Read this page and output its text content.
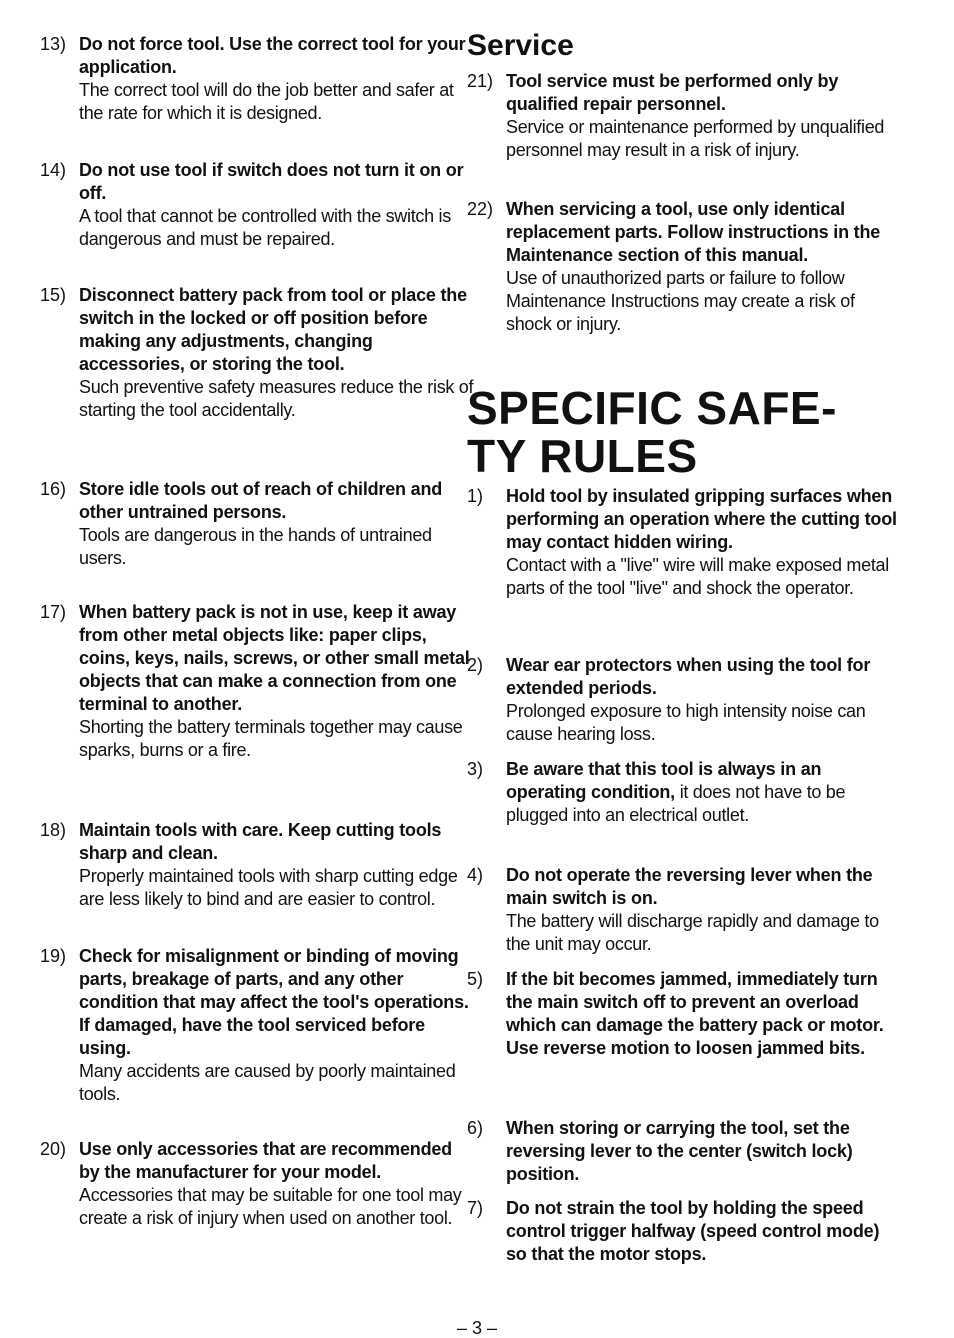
13) Do not force tool. Use the correct tool for your application.
The correct tool will do the job better and safer at the rate for which it is designed.
14) Do not use tool if switch does not turn it on or off.
A tool that cannot be controlled with the switch is dangerous and must be repaired.
15) Disconnect battery pack from tool or place the switch in the locked or off position before making any adjustments, changing accessories, or storing the tool.
Such preventive safety measures reduce the risk of starting the tool accidentally.
16) Store idle tools out of reach of children and other untrained persons.
Tools are dangerous in the hands of untrained users.
17) When battery pack is not in use, keep it away from other metal objects like: paper clips, coins, keys, nails, screws, or other small metal objects that can make a connection from one terminal to another.
Shorting the battery terminals together may cause sparks, burns or a fire.
18) Maintain tools with care. Keep cutting tools sharp and clean.
Properly maintained tools with sharp cutting edge are less likely to bind and are easier to control.
19) Check for misalignment or binding of moving parts, breakage of parts, and any other condition that may affect the tool's operations. If damaged, have the tool serviced before using.
Many accidents are caused by poorly maintained tools.
20) Use only accessories that are recommended by the manufacturer for your model.
Accessories that may be suitable for one tool may create a risk of injury when used on another tool.
Service
21) Tool service must be performed only by qualified repair personnel.
Service or maintenance performed by unqualified personnel may result in a risk of injury.
22) When servicing a tool, use only identical replacement parts. Follow instructions in the Maintenance section of this manual.
Use of unauthorized parts or failure to follow Maintenance Instructions may create a risk of shock or injury.
SPECIFIC SAFE-
TY RULES
1) Hold tool by insulated gripping surfaces when performing an operation where the cutting tool may contact hidden wiring.
Contact with a "live" wire will make exposed metal parts of the tool "live" and shock the operator.
2) Wear ear protectors when using the tool for extended periods.
Prolonged exposure to high intensity noise can cause hearing loss.
3) Be aware that this tool is always in an operating condition, it does not have to be plugged into an electrical outlet.
4) Do not operate the reversing lever when the main switch is on.
The battery will discharge rapidly and damage to the unit may occur.
5) If the bit becomes jammed, immediately turn the main switch off to prevent an overload which can damage the battery pack or motor. Use reverse motion to loosen jammed bits.
6) When storing or carrying the tool, set the reversing lever to the center (switch lock) position.
7) Do not strain the tool by holding the speed control trigger halfway (speed control mode) so that the motor stops.
– 3 –
